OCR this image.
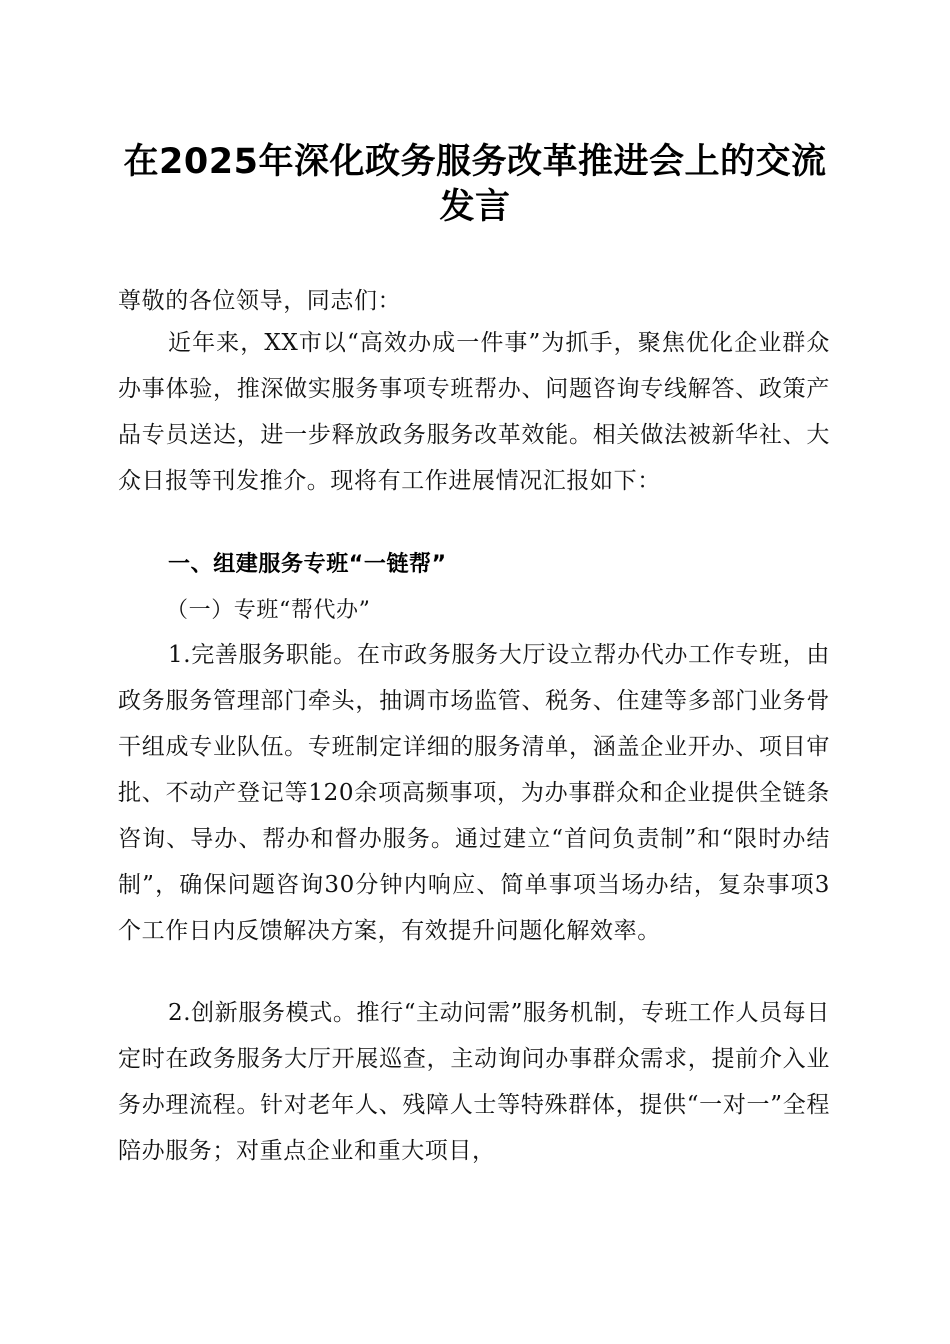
在2025年深化政务服务改革推进会上的交流
发言
尊敬的各位领导，同志们：
近年来，XX市以“高效办成一件事”为抓手，聚焦优化企业群众办事体验，推深做实服务事项专班帮办、问题咨询专线解答、政策产品专员送达，进一步释放政务服务改革效能。相关做法被新华社、大众日报等刊发推介。现将有工作进展情况汇报如下：
一、组建服务专班“一链帮”
（一）专班“帮代办”
1.完善服务职能。在市政务服务大厅设立帮办代办工作专班，由政务服务管理部门牵头，抽调市场监管、税务、住建等多部门业务骨干组成专业队伍。专班制定详细的服务清单，涵盖企业开办、项目审批、不动产登记等120余项高频事项，为办事群众和企业提供全链条咨询、导办、帮办和督办服务。通过建立“首问负责制”和“限时办结制”，确保问题咨询30分钟内响应、简单事项当场办结，复杂事项3个工作日内反馈解决方案，有效提升问题化解效率。
2.创新服务模式。推行“主动问需”服务机制，专班工作人员每日定时在政务服务大厅开展巡查，主动询问办事群众需求，提前介入业务办理流程。针对老年人、残障人士等特殊群体，提供“一对一”全程陪办服务；对重点企业和重大项目，
